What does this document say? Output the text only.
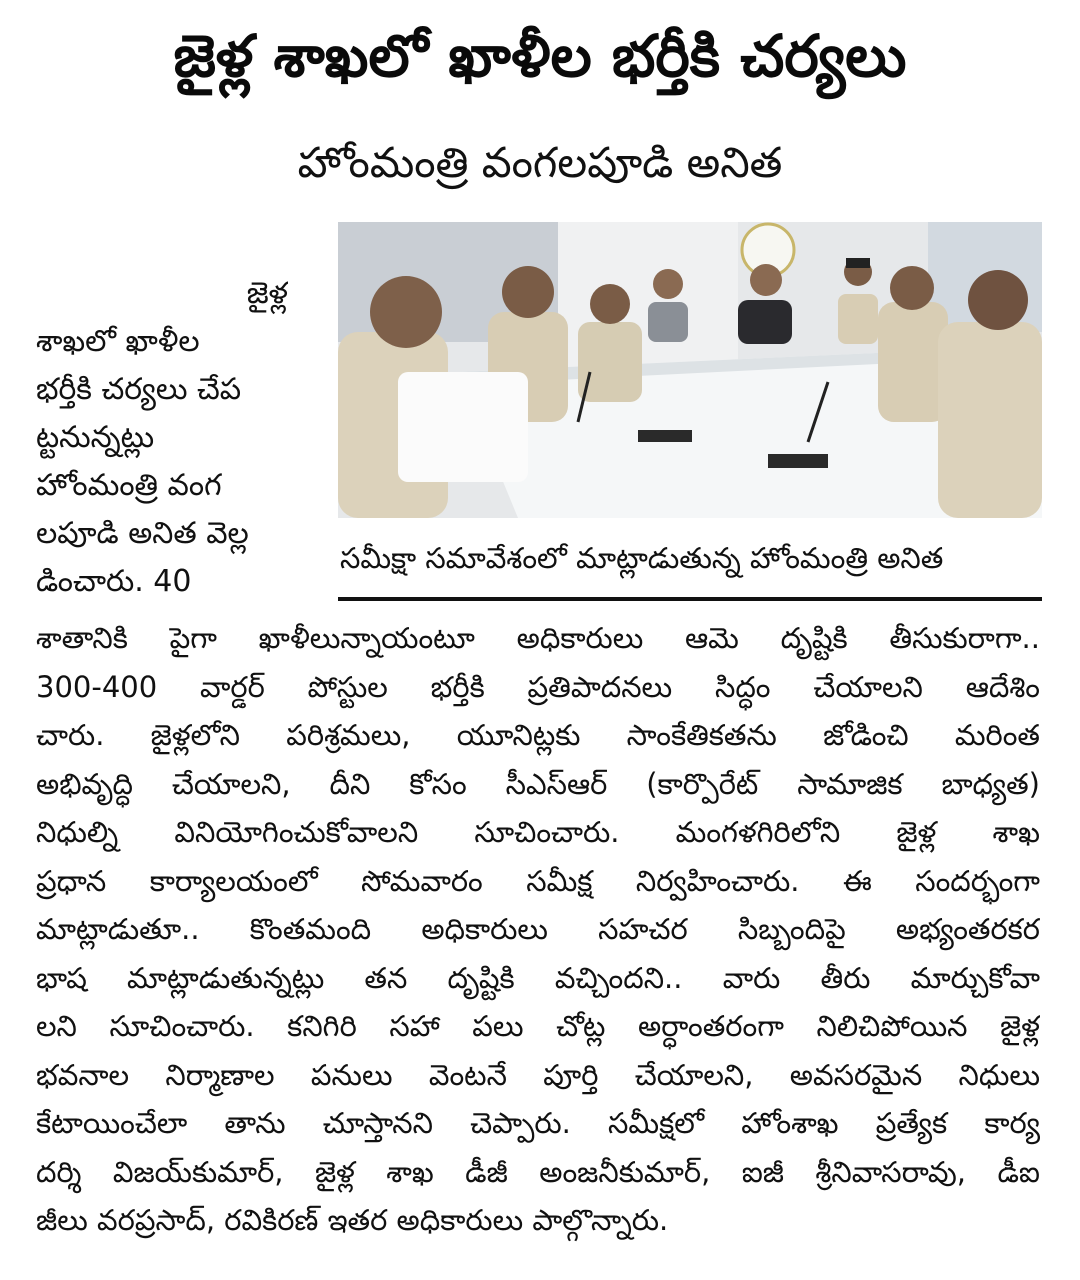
జైళ్ల శాఖలో ఖాళీల భర్తీకి చర్యలు
హోంమంత్రి వంగలపూడి అనిత
జైళ్ల
శాఖలో ఖాళీల
భర్తీకి చర్యలు చేప
ట్టనున్నట్లు
హోంమంత్రి వంగ
లపూడి అనిత వెల్ల
డించారు. 40
సమీక్షా సమావేశంలో మాట్లాడుతున్న హోంమంత్రి అనిత
శాతానికి పైగా ఖాళీలున్నాయంటూ అధికారులు ఆమె దృష్టికి తీసుకురాగా..
300-400 వార్డర్ పోస్టుల భర్తీకి ప్రతిపాదనలు సిద్ధం చేయాలని ఆదేశిం
చారు. జైళ్లలోని పరిశ్రమలు, యూనిట్లకు సాంకేతికతను జోడించి మరింత
అభివృద్ధి చేయాలని, దీని కోసం సీఎస్ఆర్ (కార్పొరేట్ సామాజిక బాధ్యత)
నిధుల్ని వినియోగించుకోవాలని సూచించారు. మంగళగిరిలోని జైళ్ల శాఖ
ప్రధాన కార్యాలయంలో సోమవారం సమీక్ష నిర్వహించారు. ఈ సందర్భంగా
మాట్లాడుతూ.. కొంతమంది అధికారులు సహచర సిబ్బందిపై అభ్యంతరకర
భాష మాట్లాడుతున్నట్లు తన దృష్టికి వచ్చిందని.. వారు తీరు మార్చుకోవా
లని సూచించారు. కనిగిరి సహా పలు చోట్ల అర్ధాంతరంగా నిలిచిపోయిన జైళ్ల
భవనాల నిర్మాణాల పనులు వెంటనే పూర్తి చేయాలని, అవసరమైన నిధులు
కేటాయించేలా తాను చూస్తానని చెప్పారు. సమీక్షలో హోంశాఖ ప్రత్యేక కార్య
దర్శి విజయ్‌కుమార్, జైళ్ల శాఖ డీజీ అంజనీకుమార్, ఐజీ శ్రీనివాసరావు, డీఐ
జీలు వరప్రసాద్, రవికిరణ్ ఇతర అధికారులు పాల్గొన్నారు.
